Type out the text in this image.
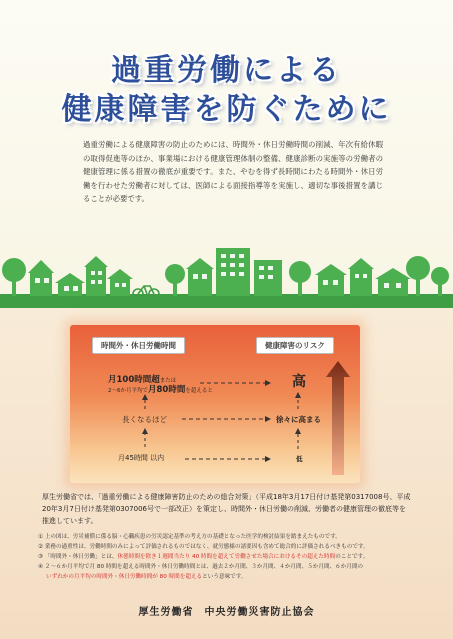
過重労働による
健康障害を防ぐために
過重労働による健康障害の防止のためには、時間外・休日労働時間の削減、年次有給休暇の取得促進等のほか、事業場における健康管理体制の整備、健康診断の実施等の労働者の健康管理に係る措置の徹底が重要です。また、やむを得ず長時間にわたる時間外・休日労働を行わせた労働者に対しては、医師による面接指導等を実施し、適切な事後措置を講じることが必要です。
時間外・休日労働時間	健康障害のリスク
月100時間超または
2～6か月平均で月80時間を超えると
高
長くなるほど	徐々に高まる
月45時間 以内	低
厚生労働省では、「過重労働による健康障害防止のための総合対策」（平成18年3月17日付け基発第0317008号、平成20年3月7日付け基発第0307006号で一部改正）を策定し、時間外・休日労働の削減、労働者の健康管理の徹底等を推進しています。
① 上の図は、労災補償に係る脳・心臓疾患の労災認定基準の考え方の基礎となった医学的検討結果を踏まえたものです。
② 業務の過重性は、労働時間のみによって評価されるものではなく、就労態様の諸要因も含めて総合的に評価されるべきものです。
③ 「時間外・休日労働」とは、休憩時間を除き１週間当たり 40 時間を超えて労働させた場合におけるその超えた時間のことです。
④ ２～６か月平均で月 80 時間を超える時間外・休日労働時間とは、過去２か月間、３か月間、４か月間、５か月間、６か月間の
いずれかの月平均の時間外・休日労働時間が 80 時間を超えるという意味です。
厚生労働省　中央労働災害防止協会
